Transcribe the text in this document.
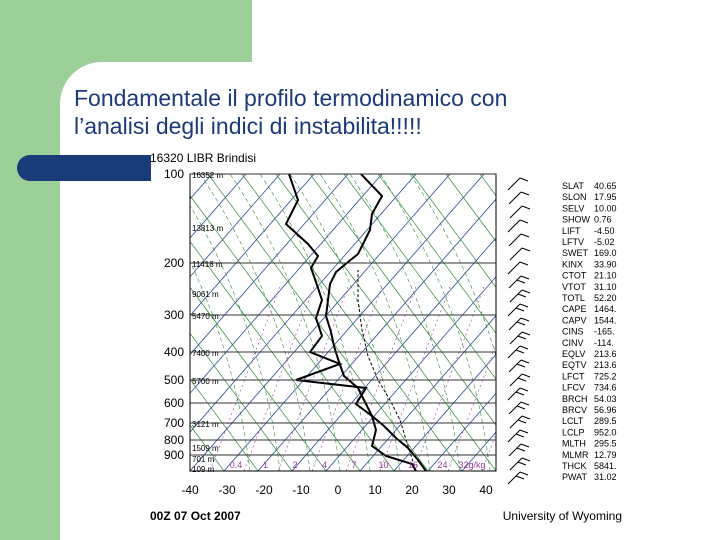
Fondamentale il profilo termodinamico con
l’analisi degli indici di instabilita!!!!!
16320 LIBR Brindisi
100
200
300
400
500
600
700
800
900
-40 -30 -20 -10 0 10 20 30 40
16352 m
13813 m
11418 m
9061 m
5470 m
7400 m
5700 m
3121 m
1509 m
701 m
109 m 0.4 1	2	4	7 10 16 24 32g/kg
SLAT 40.65
SLON 17.95
SELV 10.00
SHOW 0.76
LIFT -4.50
LFTV -5.02
SWET 169.0
KINX 33.90
CTOT 21.10
VTOT 31.10
TOTL 52.20
CAPE 1464.
CAPV 1544.
CINS -165.
CINV -114.
EQLV 213.6
EQTV 213.6
LFCT 725.2
LFCV 734.6
BRCH 54.03
BRCV 56.96
LCLT 289.5
LCLP 952.0
MLTH 295.5
MLMR 12.79
THCK 5841.
PWAT 31.02
00Z 07 Oct 2007	University of Wyoming
